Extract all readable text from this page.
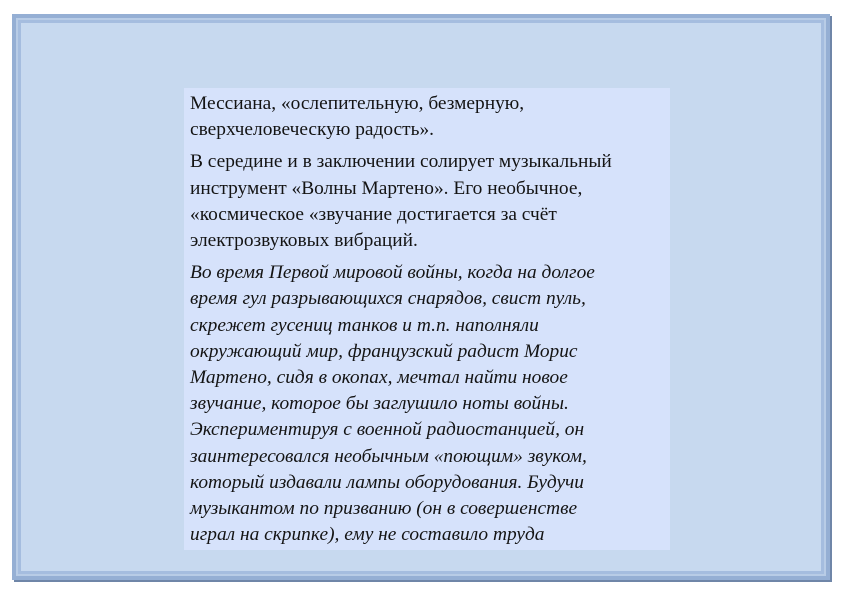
Мессиана, «ослепительную, безмерную,
сверхчеловеческую радость».

В середине и в заключении солирует музыкальный
инструмент «Волны Мартено». Его необычное,
«космическое «звучание достигается за счёт
электрозвуковых вибраций.

Во время Первой мировой войны, когда на долгое
время гул разрывающихся снарядов, свист пуль,
скрежет гусениц танков и т.п. наполняли
окружающий мир, французский радист Морис
Мартено, сидя в окопах, мечтал найти новое
звучание, которое бы заглушило ноты войны.
Экспериментируя с военной радиостанцией, он
заинтересовался необычным «поющим» звуком,
который издавали лампы оборудования. Будучи
музыкантом по призванию (он в совершенстве
играл на скрипке), ему не составило труда
